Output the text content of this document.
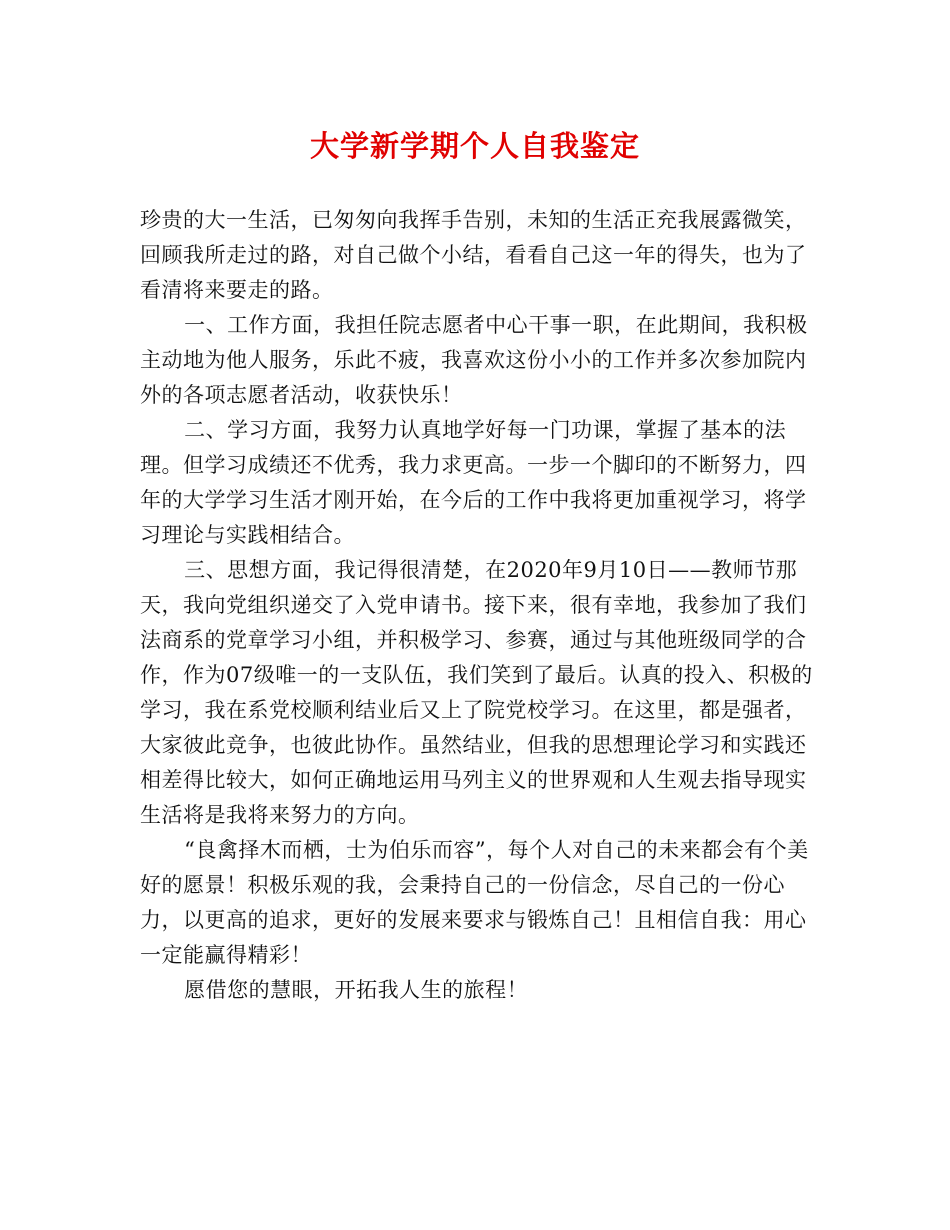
大学新学期个人自我鉴定

珍贵的大一生活，已匆匆向我挥手告别，未知的生活正充我展露微笑，回顾我所走过的路，对自己做个小结，看看自己这一年的得失，也为了看清将来要走的路。

一、工作方面，我担任院志愿者中心干事一职，在此期间，我积极主动地为他人服务，乐此不疲，我喜欢这份小小的工作并多次参加院内外的各项志愿者活动，收获快乐！

二、学习方面，我努力认真地学好每一门功课，掌握了基本的法理。但学习成绩还不优秀，我力求更高。一步一个脚印的不断努力，四年的大学学习生活才刚开始，在今后的工作中我将更加重视学习，将学习理论与实践相结合。

三、思想方面，我记得很清楚，在2020年9月10日——教师节那天，我向党组织递交了入党申请书。接下来，很有幸地，我参加了我们法商系的党章学习小组，并积极学习、参赛，通过与其他班级同学的合作，作为07级唯一的一支队伍，我们笑到了最后。认真的投入、积极的学习，我在系党校顺利结业后又上了院党校学习。在这里，都是强者，大家彼此竞争，也彼此协作。虽然结业，但我的思想理论学习和实践还相差得比较大，如何正确地运用马列主义的世界观和人生观去指导现实生活将是我将来努力的方向。

“良禽择木而栖，士为伯乐而容”，每个人对自己的未来都会有个美好的愿景！积极乐观的我，会秉持自己的一份信念，尽自己的一份心力，以更高的追求，更好的发展来要求与锻炼自己！且相信自我：用心一定能赢得精彩！

愿借您的慧眼，开拓我人生的旅程！
